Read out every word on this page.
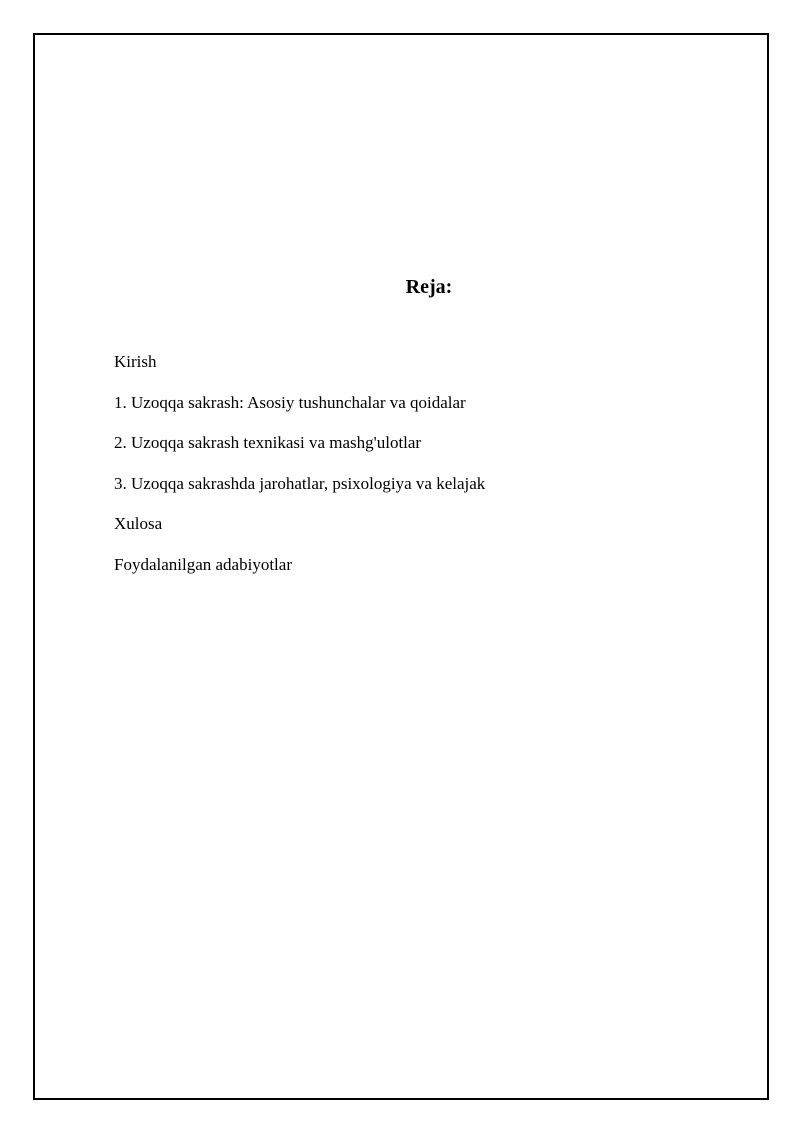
Reja:
Kirish
1. Uzoqqa sakrash: Asosiy tushunchalar va qoidalar
2. Uzoqqa sakrash texnikasi va mashg'ulotlar
3. Uzoqqa sakrashda jarohatlar, psixologiya va kelajak
Xulosa
Foydalanilgan adabiyotlar
